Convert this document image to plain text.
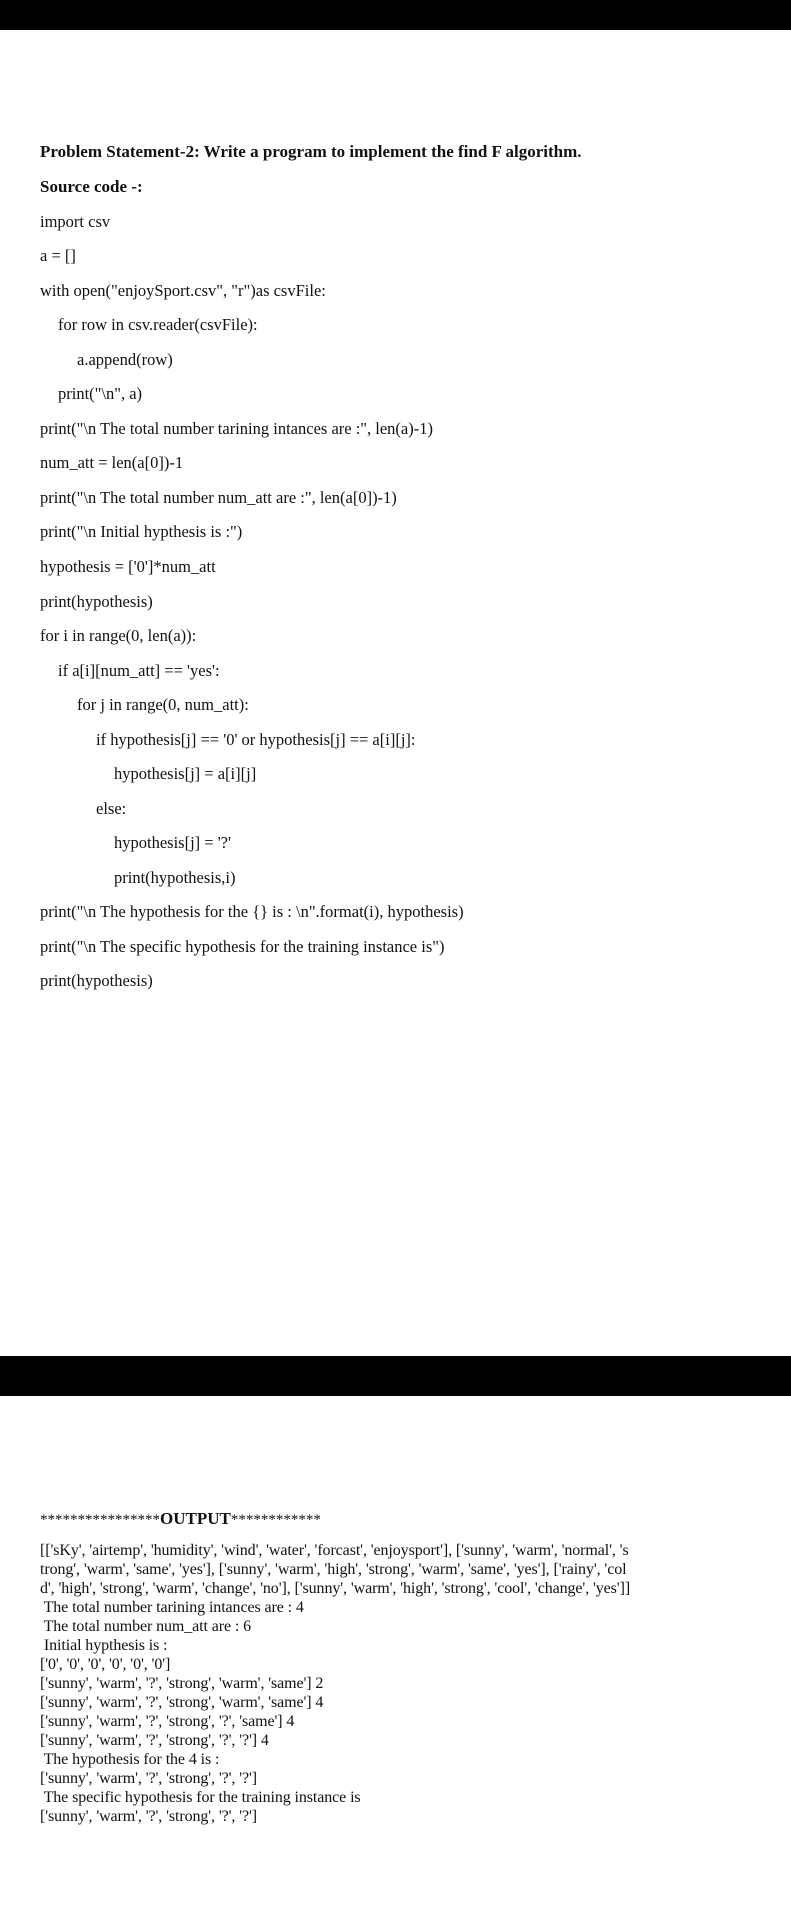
Problem Statement-2: Write a program to implement the find F algorithm.
Source code -:
import csv
a = []
with open("enjoySport.csv", "r")as csvFile:
for row in csv.reader(csvFile):
a.append(row)
print("\n", a)
print("\n The total number tarining intances are :", len(a)-1)
num_att = len(a[0])-1
print("\n The total number num_att are :", len(a[0])-1)
print("\n Initial hypthesis is :")
hypothesis = ['0']*num_att
print(hypothesis)
for i in range(0, len(a)):
if a[i][num_att] == 'yes':
for j in range(0, num_att):
if hypothesis[j] == '0' or hypothesis[j] == a[i][j]:
hypothesis[j] = a[i][j]
else:
hypothesis[j] = '?'
print(hypothesis,i)
print("\n The hypothesis for the {} is : \n".format(i), hypothesis)
print("\n The specific hypothesis for the training instance is")
print(hypothesis)
****************OUTPUT************
[['sKy', 'airtemp', 'humidity', 'wind', 'water', 'forcast', 'enjoysport'], ['sunny', 'warm', 'normal', 's
trong', 'warm', 'same', 'yes'], ['sunny', 'warm', 'high', 'strong', 'warm', 'same', 'yes'], ['rainy', 'col
d', 'high', 'strong', 'warm', 'change', 'no'], ['sunny', 'warm', 'high', 'strong', 'cool', 'change', 'yes']]
The total number tarining intances are : 4
The total number num_att are : 6
Initial hypthesis is :
['0', '0', '0', '0', '0', '0']
['sunny', 'warm', '?', 'strong', 'warm', 'same'] 2
['sunny', 'warm', '?', 'strong', 'warm', 'same'] 4
['sunny', 'warm', '?', 'strong', '?', 'same'] 4
['sunny', 'warm', '?', 'strong', '?', '?'] 4
The hypothesis for the 4 is :
['sunny', 'warm', '?', 'strong', '?', '?']
The specific hypothesis for the training instance is
['sunny', 'warm', '?', 'strong', '?', '?']
